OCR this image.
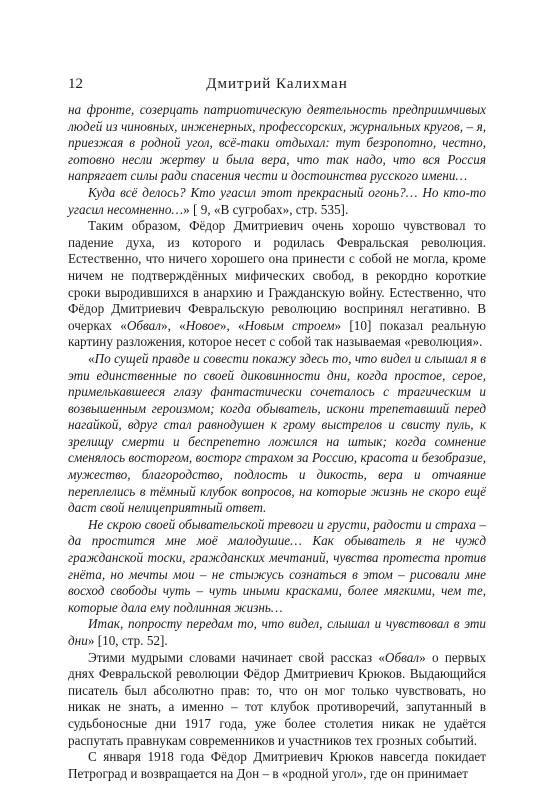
12	Дмитрий Калихман

на фронте, созерцать патриотическую деятельность предприимчивых людей из чиновных, инженерных, профессорских, журнальных кругов, – я, приезжая в родной угол, всё-таки отдыхал: тут безропотно, честно, готовно несли жертву и была вера, что так надо, что вся Россия напрягает силы ради спасения чести и достоинства русского имени…

Куда всё делось? Кто угасил этот прекрасный огонь?… Но кто-то угасил несомненно…» [ 9, «В сугробах», стр. 535].

Таким образом, Фёдор Дмитриевич очень хорошо чувствовал то падение духа, из которого и родилась Февральская революция. Естественно, что ничего хорошего она принести с собой не могла, кроме ничем не подтверждённых мифических свобод, в рекордно короткие сроки выродившихся в анархию и Гражданскую войну. Естественно, что Фёдор Дмитриевич Февральскую революцию воспринял негативно. В очерках «Обвал», «Новое», «Новым строем» [10] показал реальную картину разложения, которое несет с собой так называемая «революция».

«По сущей правде и совести покажу здесь то, что видел и слышал я в эти единственные по своей диковинности дни, когда простое, серое, примелькавшееся глазу фантастически сочеталось с трагическим и возвышенным героизмом; когда обыватель, искони трепетавший перед нагайкой, вдруг стал равнодушен к грому выстрелов и свисту пуль, к зрелищу смерти и беспрепетно ложился на штык; когда сомнение сменялось восторгом, восторг страхом за Россию, красота и безобразие, мужество, благородство, подлость и дикость, вера и отчаяние переплелись в тёмный клубок вопросов, на которые жизнь не скоро ещё даст свой нелицеприятный ответ.

Не скрою своей обывательской тревоги и грусти, радости и страха – да простится мне моё малодушие… Как обыватель я не чужд гражданской тоски, гражданских мечтаний, чувства протеста против гнёта, но мечты мои – не стыжусь сознаться в этом – рисовали мне восход свободы чуть – чуть иными красками, более мягкими, чем те, которые дала ему подлинная жизнь…

Итак, попросту передам то, что видел, слышал и чувствовал в эти дни» [10, стр. 52].

Этими мудрыми словами начинает свой рассказ «Обвал» о первых днях Февральской революции Фёдор Дмитриевич Крюков. Выдающийся писатель был абсолютно прав: то, что он мог только чувствовать, но никак не знать, а именно – тот клубок противоречий, запутанный в судьбоносные дни 1917 года, уже более столетия никак не удаётся распутать правнукам современников и участников тех грозных событий.

С января 1918 года Фёдор Дмитриевич Крюков навсегда покидает Петроград и возвращается на Дон – в «родной угол», где он принимает
